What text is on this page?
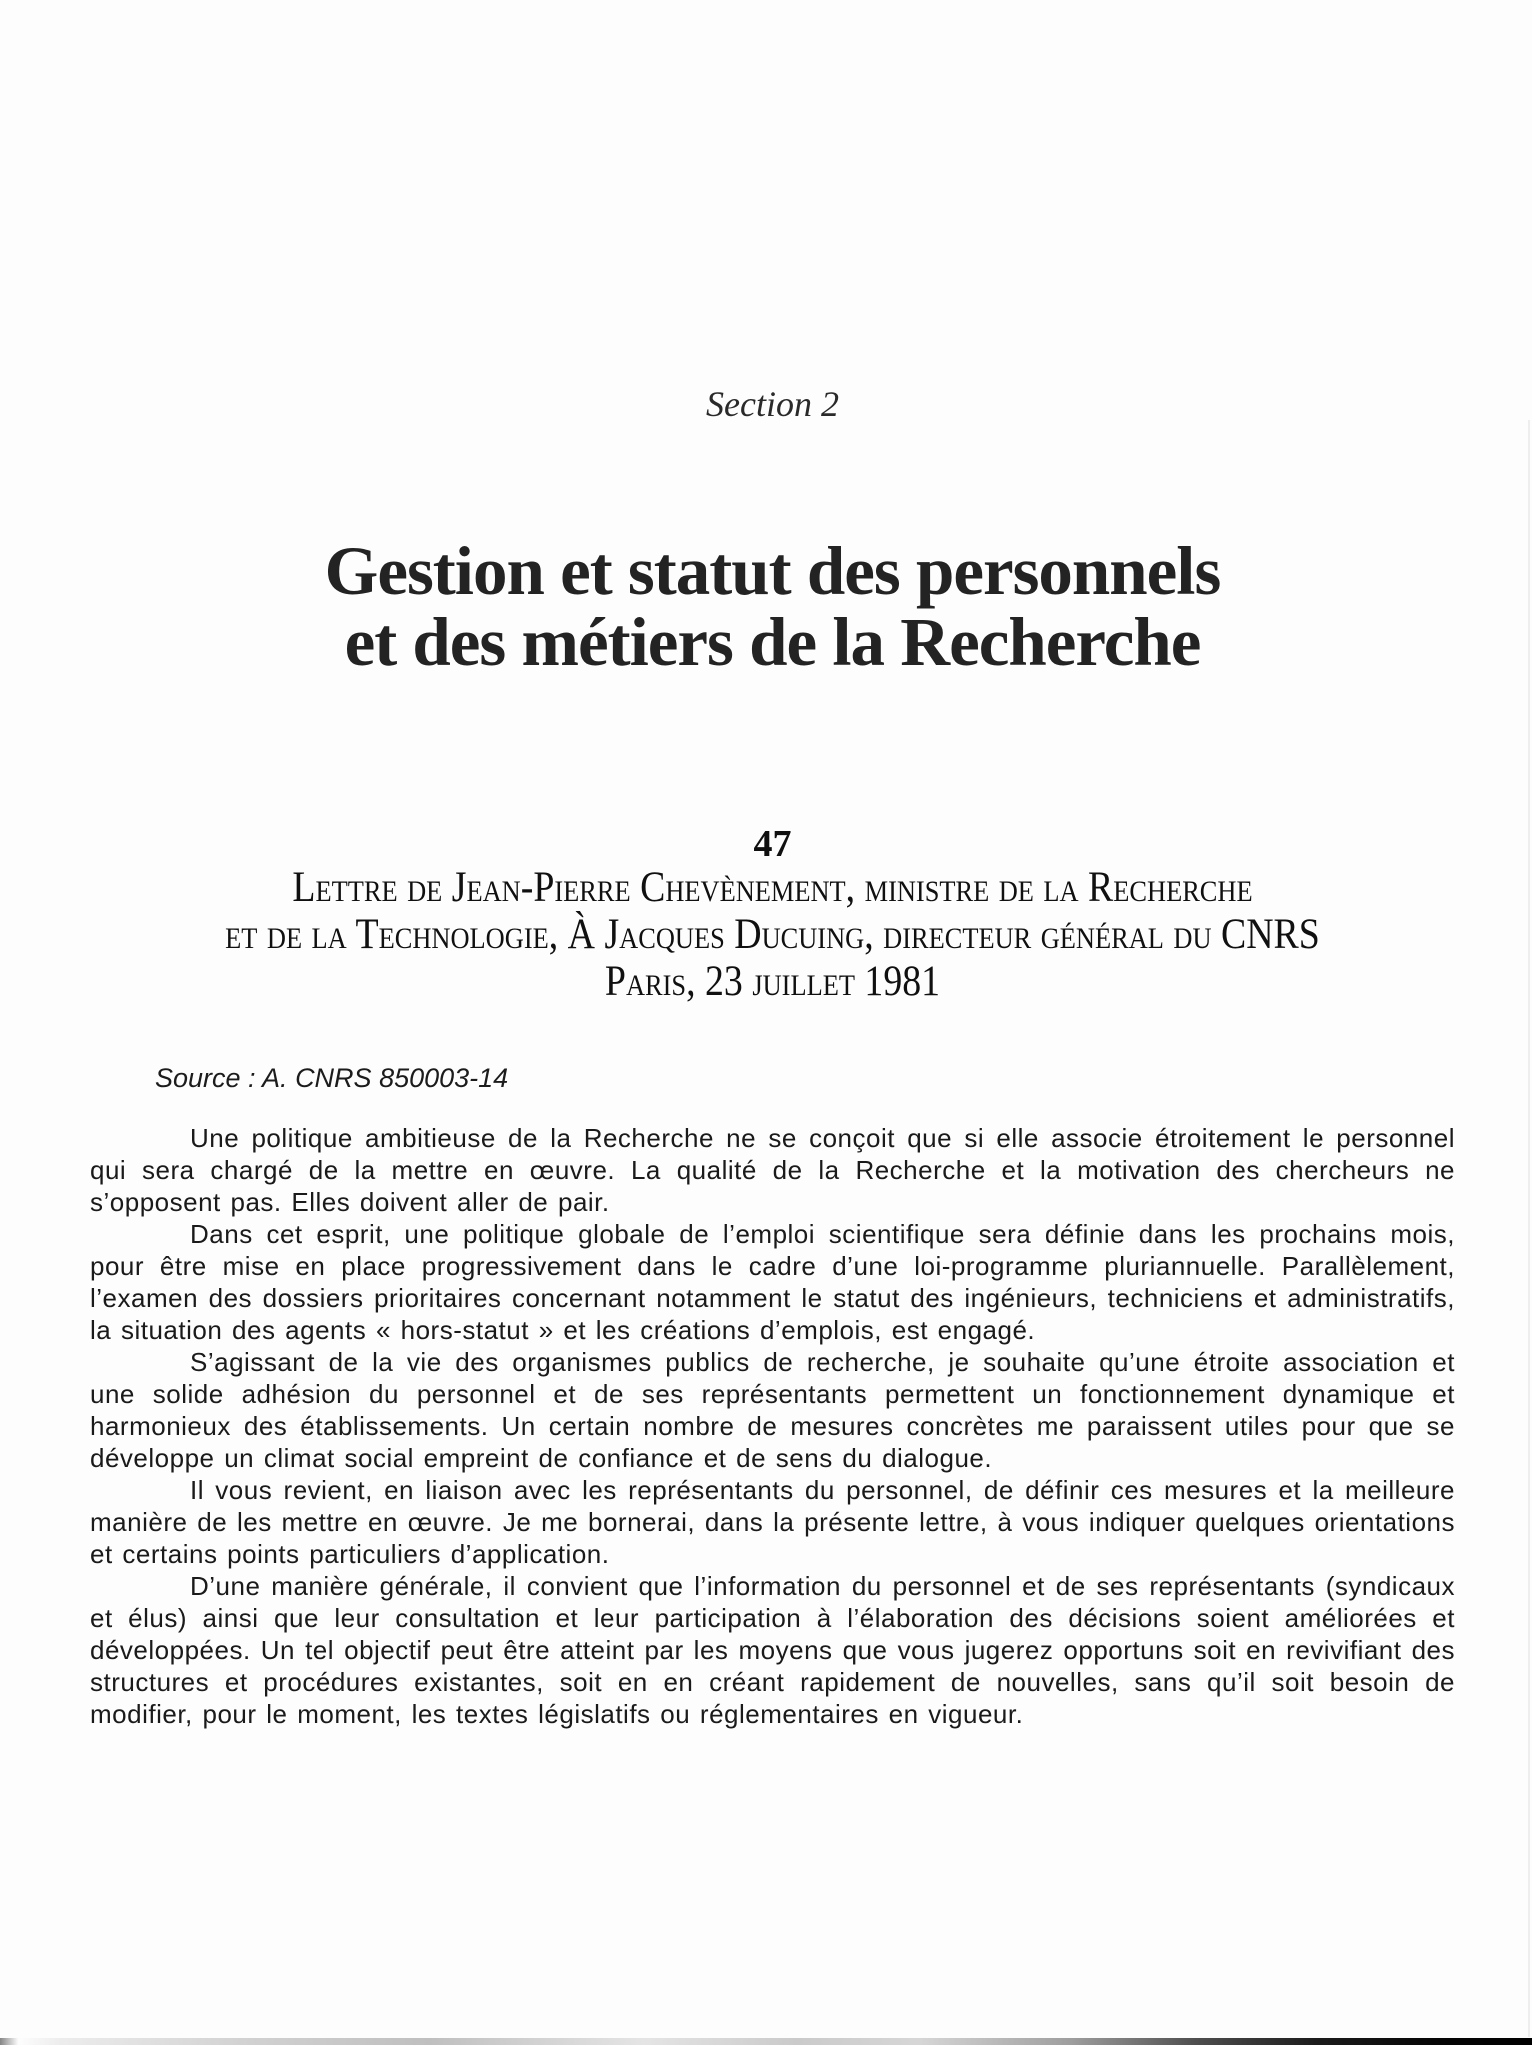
Section 2
Gestion et statut des personnels
et des métiers de la Recherche
47
Lettre de Jean-Pierre Chevènement, ministre de la Recherche
et de la Technologie, À Jacques Ducuing, directeur général du CNRS
Paris, 23 juillet 1981
Source : A. CNRS 850003-14

Une politique ambitieuse de la Recherche ne se conçoit que si elle associe étroitement le personnel qui sera chargé de la mettre en œuvre. La qualité de la Recherche et la motivation des chercheurs ne s’opposent pas. Elles doivent aller de pair.

Dans cet esprit, une politique globale de l’emploi scientifique sera définie dans les prochains mois, pour être mise en place progressivement dans le cadre d’une loi-programme pluriannuelle. Parallèlement, l’examen des dossiers prioritaires concernant notamment le statut des ingénieurs, techniciens et administratifs, la situation des agents « hors-statut » et les créations d’emplois, est engagé.

S’agissant de la vie des organismes publics de recherche, je souhaite qu’une étroite association et une solide adhésion du personnel et de ses représentants permettent un fonctionnement dynamique et harmonieux des établissements. Un certain nombre de mesures concrètes me paraissent utiles pour que se développe un climat social empreint de confiance et de sens du dialogue.

Il vous revient, en liaison avec les représentants du personnel, de définir ces mesures et la meilleure manière de les mettre en œuvre. Je me bornerai, dans la présente lettre, à vous indiquer quelques orientations et certains points particuliers d’application.

D’une manière générale, il convient que l’information du personnel et de ses représentants (syndicaux et élus) ainsi que leur consultation et leur participation à l’élaboration des décisions soient améliorées et développées. Un tel objectif peut être atteint par les moyens que vous jugerez opportuns soit en revivifiant des structures et procédures existantes, soit en en créant rapidement de nouvelles, sans qu’il soit besoin de modifier, pour le moment, les textes législatifs ou réglementaires en vigueur.
